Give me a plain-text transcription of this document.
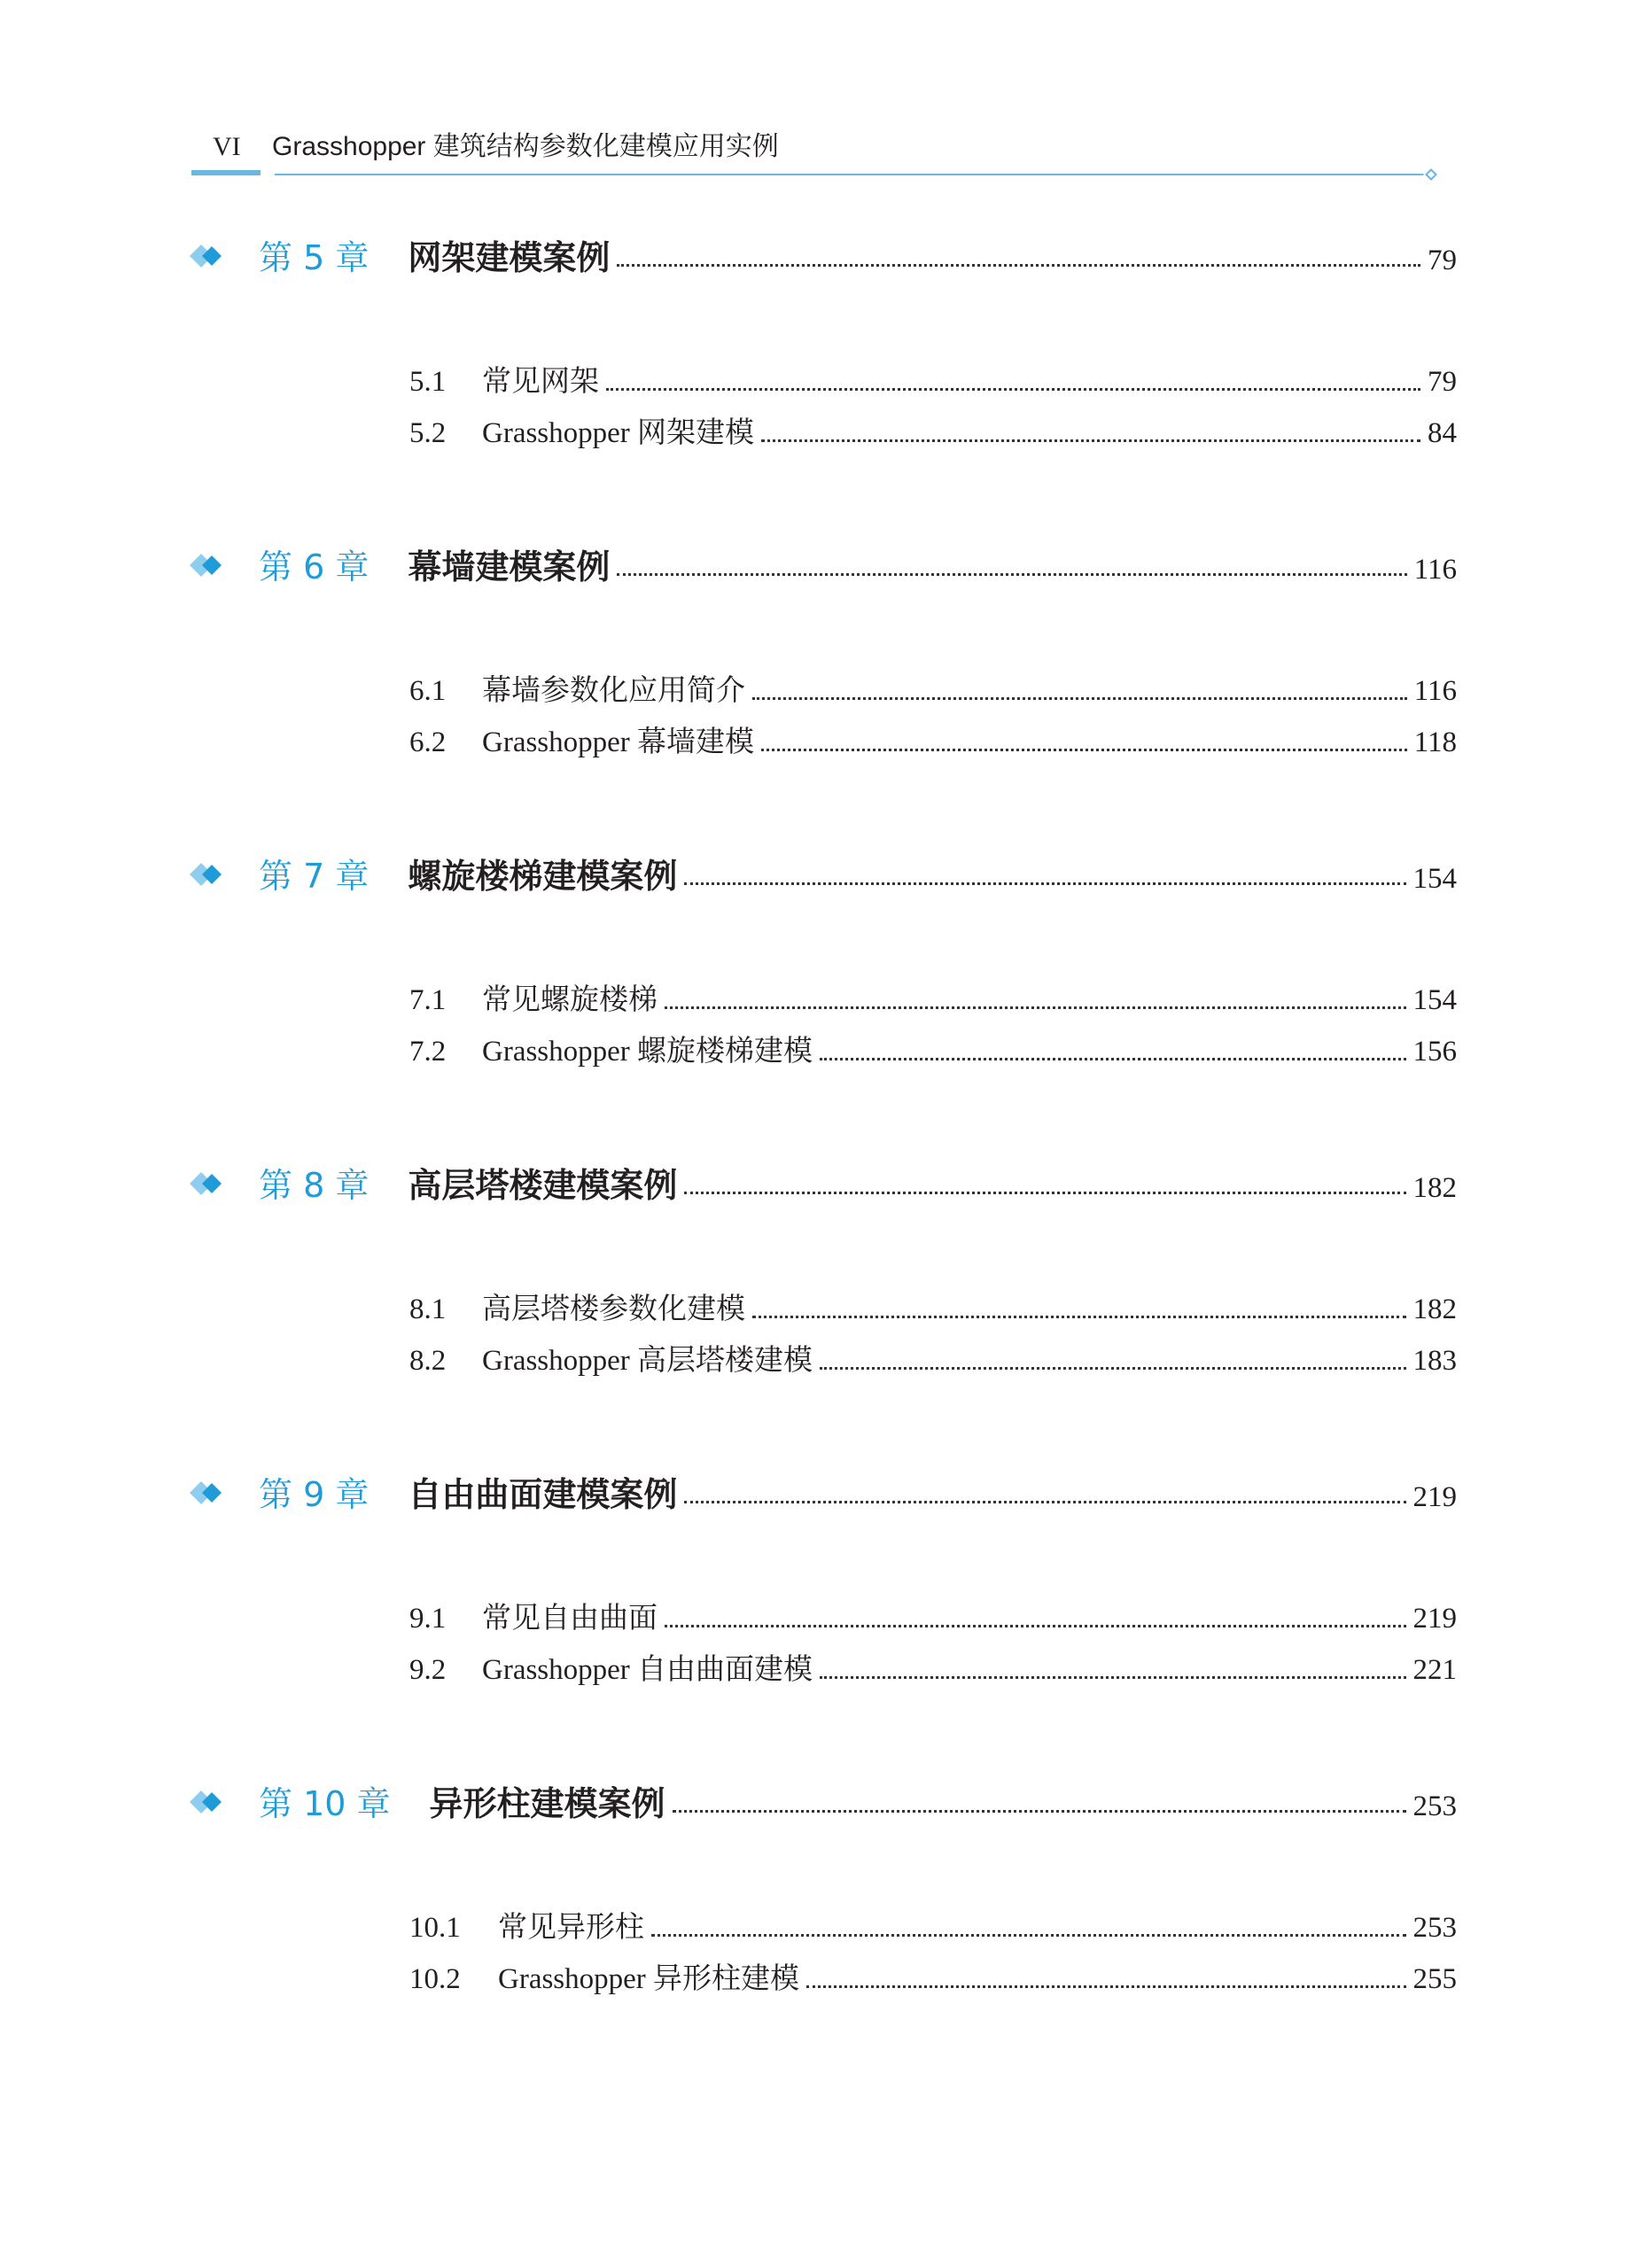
VI Grasshopper 建筑结构参数化建模应用实例
第 5 章 网架建模案例	79
5.1	常见网架	79
5.2	Grasshopper 网架建模	84
第 6 章 幕墙建模案例	116
6.1	幕墙参数化应用简介	116
6.2	Grasshopper 幕墙建模	118
第 7 章 螺旋楼梯建模案例	154
7.1	常见螺旋楼梯	154
7.2	Grasshopper 螺旋楼梯建模	156
第 8 章 高层塔楼建模案例	182
8.1	高层塔楼参数化建模	182
8.2	Grasshopper 高层塔楼建模	183
第 9 章 自由曲面建模案例	219
9.1	常见自由曲面	219
9.2	Grasshopper 自由曲面建模	221
第 10 章 异形柱建模案例	253
10.1	常见异形柱	253
10.2	Grasshopper 异形柱建模	255
